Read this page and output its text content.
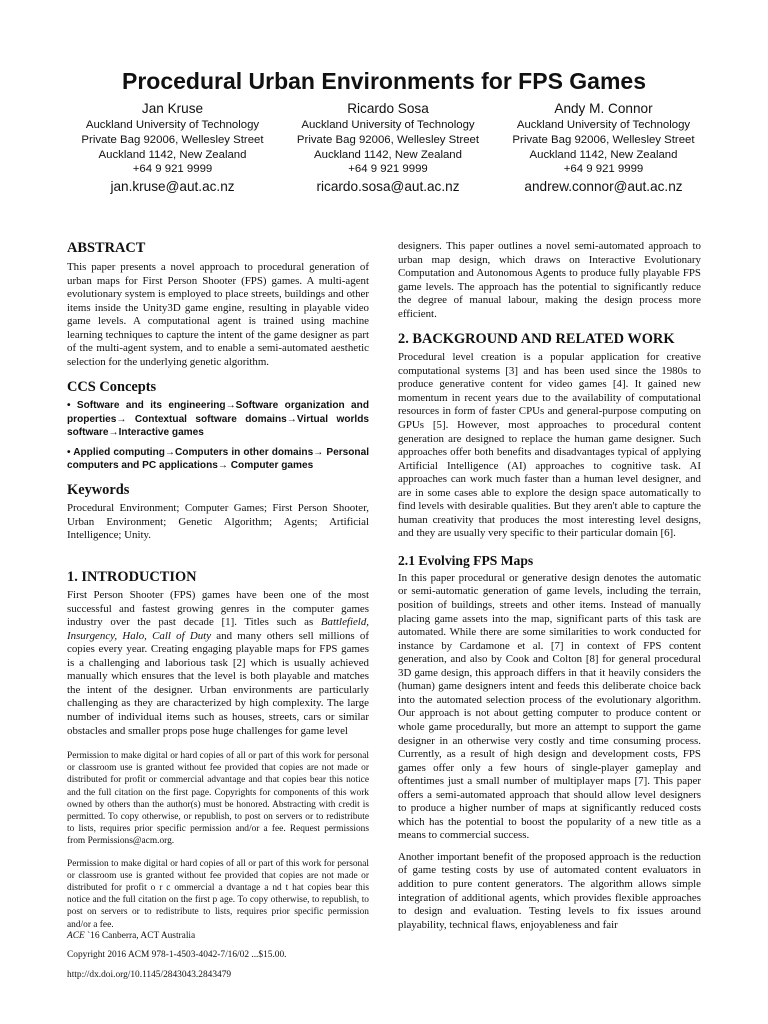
Procedural Urban Environments for FPS Games
Jan Kruse
Auckland University of Technology
Private Bag 92006, Wellesley Street
Auckland 1142, New Zealand
+64 9 921 9999
jan.kruse@aut.ac.nz
Ricardo Sosa
Auckland University of Technology
Private Bag 92006, Wellesley Street
Auckland 1142, New Zealand
+64 9 921 9999
ricardo.sosa@aut.ac.nz
Andy M. Connor
Auckland University of Technology
Private Bag 92006, Wellesley Street
Auckland 1142, New Zealand
+64 9 921 9999
andrew.connor@aut.ac.nz
ABSTRACT

This paper presents a novel approach to procedural generation of urban maps for First Person Shooter (FPS) games. A multi-agent evolutionary system is employed to place streets, buildings and other items inside the Unity3D game engine, resulting in playable video game levels. A computational agent is trained using machine learning techniques to capture the intent of the game designer as part of the multi-agent system, and to enable a semi-automated aesthetic selection for the underlying genetic algorithm.

CCS Concepts

• Software and its engineering→Software organization and properties→ Contextual software domains→Virtual worlds software→Interactive games

• Applied computing→Computers in other domains→ Personal computers and PC applications→ Computer games

Keywords

Procedural Environment; Computer Games; First Person Shooter, Urban Environment; Genetic Algorithm; Agents; Artificial Intelligence; Unity.

1. INTRODUCTION

First Person Shooter (FPS) games have been one of the most successful and fastest growing genres in the computer games industry over the past decade [1]. Titles such as Battlefield, Insurgency, Halo, Call of Duty and many others sell millions of copies every year. Creating engaging playable maps for FPS games is a challenging and laborious task [2] which is usually achieved manually which ensures that the level is both playable and matches the intent of the designer. Urban environments are particularly challenging as they are characterized by high complexity. The large number of individual items such as houses, streets, cars or similar obstacles and smaller props pose huge challenges for game level

Permission to make digital or hard copies of all or part of this work for personal or classroom use is granted without fee provided that copies are not made or distributed for profit or commercial advantage and that copies bear this notice and the full citation on the first page. Copyrights for components of this work owned by others than the author(s) must be honored. Abstracting with credit is permitted. To copy otherwise, or republish, to post on servers or to redistribute to lists, requires prior specific permission and/or a fee. Request permissions from Permissions@acm.org.
Permission to make digital or hard copies of all or part of this work for personal or classroom use is granted without fee provided that copies are not made or distributed for profit o r c ommercial a dvantage a nd t hat copies bear this notice and the full citation on the first p age. To copy otherwise, to republish, to post on servers or to redistribute to lists, requires prior specific permission and/or a fee.

ACE `16 Canberra, ACT Australia

Copyright 2016 ACM 978-1-4503-4042-7/16/02 ...$15.00.

http://dx.doi.org/10.1145/2843043.2843479

designers. This paper outlines a novel semi-automated approach to urban map design, which draws on Interactive Evolutionary Computation and Autonomous Agents to produce fully playable FPS game levels. The approach has the potential to significantly reduce the degree of manual labour, making the design process more efficient.

2. BACKGROUND AND RELATED WORK

Procedural level creation is a popular application for creative computational systems [3] and has been used since the 1980s to produce generative content for video games [4]. It gained new momentum in recent years due to the availability of computational resources in form of faster CPUs and general-purpose computing on GPUs [5]. However, most approaches to procedural content generation are designed to replace the human game designer. Such approaches offer both benefits and disadvantages typical of applying Artificial Intelligence (AI) approaches to cognitive task. AI approaches can work much faster than a human level designer, and are in some cases able to explore the design space automatically to find levels with desirable qualities. But they aren't able to capture the human creativity that produces the most interesting level designs, and they are usually very specific to their particular domain [6].

2.1 Evolving FPS Maps

In this paper procedural or generative design denotes the automatic or semi-automatic generation of game levels, including the terrain, position of buildings, streets and other items. Instead of manually placing game assets into the map, significant parts of this task are automated. While there are some similarities to work conducted for instance by Cardamone et al. [7] in context of FPS content generation, and also by Cook and Colton [8] for general procedural 3D game design, this approach differs in that it heavily considers the (human) game designers intent and feeds this deliberate choice back into the automated selection process of the evolutionary algorithm. Our approach is not about getting computer to produce content or whole game procedurally, but more an attempt to support the game designer in an otherwise very costly and time consuming process. Currently, as a result of high design and development costs, FPS games offer only a few hours of single-player gameplay and oftentimes just a small number of multiplayer maps [7]. This paper offers a semi-automated approach that should allow level designers to produce a higher number of maps at significantly reduced costs which has the potential to boost the popularity of a new title as a means to commercial success.

Another important benefit of the proposed approach is the reduction of game testing costs by use of automated content evaluators in addition to pure content generators. The algorithm allows simple integration of additional agents, which provides flexible approaches to design and evaluation. Testing levels to fix issues around playability, technical flaws, enjoyableness and fair
